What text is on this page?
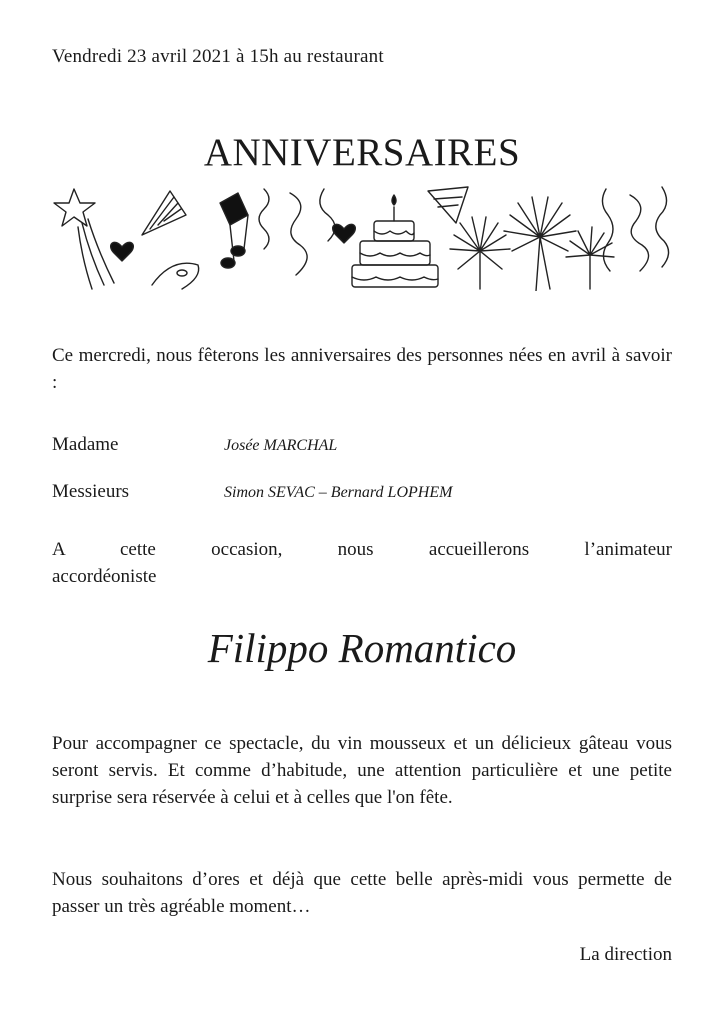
Vendredi 23 avril 2021 à 15h au restaurant
ANNIVERSAIRES
Ce mercredi, nous fêterons les anniversaires des personnes nées en avril à savoir :
Madame	Josée MARCHAL
Messieurs	Simon SEVAC – Bernard LOPHEM
A cette occasion, nous accueillerons l’animateur
accordéoniste
Filippo Romantico
Pour accompagner ce spectacle, du vin mousseux et un délicieux gâteau vous seront servis. Et comme d’habitude, une attention particulière et une petite surprise sera réservée à celui et à celles que l'on fête.
Nous souhaitons d’ores et déjà que cette belle après-midi vous permette de passer un très agréable moment…
La direction
